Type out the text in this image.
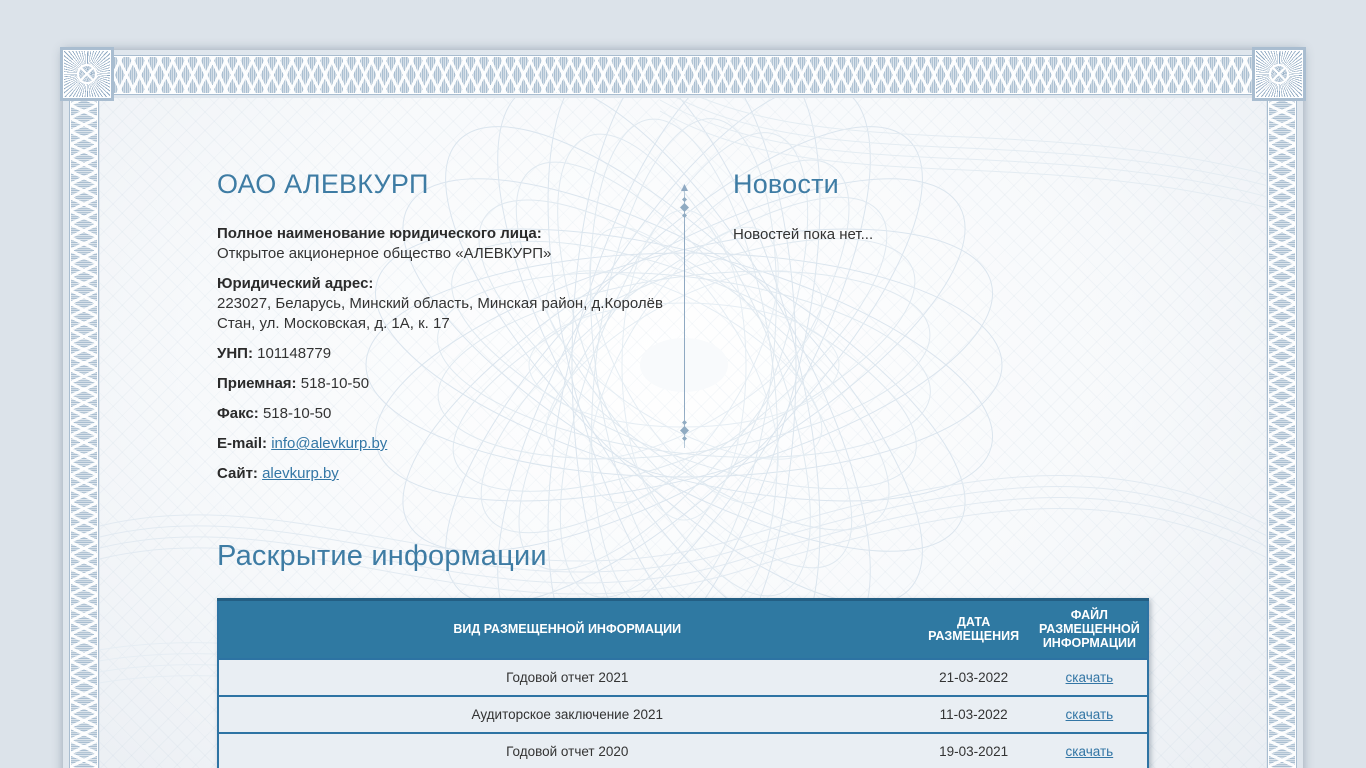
ОАО АЛЕВКУРП	Новости

Полное наименование юридического лица:
Открытое акционерное общество «АЛЕВКУРП»

Юридический адрес:
223027, Беларусь, Минский область, Минская район, д.Королёв Стан, ул. Московская, д. 1А, к. 17

УНП: 101148779

Приемная: 518-10-50

Факс: 518-10-50

E-mail: info@alevkurp.by

Сайт: alevkurp.by

Новостей пока нет...
Раскрытие информации
ВИД РАЗМЕЩЕННОЙ ИНФОРМАЦИИ	ДАТА РАЗМЕЩЕНИЯ	ФАЙЛ РАЗМЕЩЕННОЙ ИНФОРМАЦИИ
Годовой отчет 2021	21-03-2022	скачать
Аудиторское заключение 2021	11-03-2022	скачать
Годовой отчет 2020	19-03-2021	скачать
